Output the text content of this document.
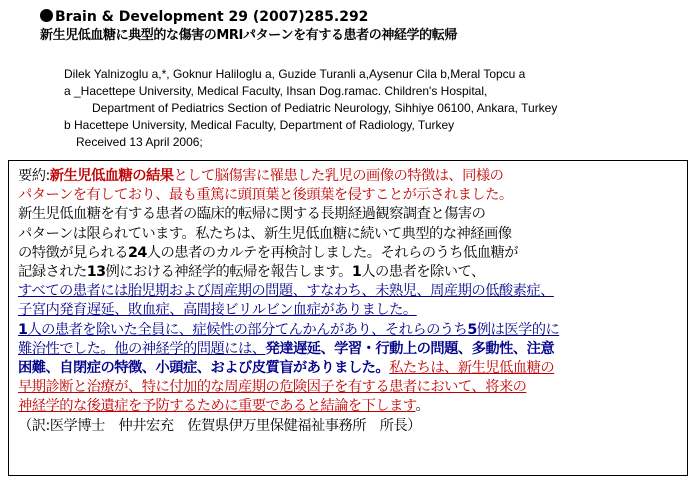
Brain & Development 29 (2007)285.292
新生児低血糖に典型的な傷害のMRIパターンを有する患者の神経学的転帰
Dilek Yalnizoglu a,*, Goknur Haliloglu a, Guzide Turanli a,Aysenur Cila b,Meral Topcu a
a _Hacettepe University, Medical Faculty, Ihsan Dog.ramac. Children's Hospital,
Department of Pediatrics Section of Pediatric Neurology, Sihhiye 06100, Ankara, Turkey
b Hacettepe University, Medical Faculty, Department of Radiology, Turkey
Received 13 April 2006;
要約:新生児低血糖の結果として脳傷害に罹患した乳児の画像の特徴は、同様の
パターンを有しており、最も重篤に頭頂葉と後頭葉を侵すことが示されました。
新生児低血糖を有する患者の臨床的転帰に関する長期経過観察調査と傷害の
パターンは限られています。私たちは、新生児低血糖に続いて典型的な神経画像
の特徴が見られる24人の患者のカルテを再検討しました。それらのうち低血糖が
記録された13例における神経学的転帰を報告します。1人の患者を除いて、
すべての患者には胎児期および周産期の問題、すなわち、未熟児、周産期の低酸素症、
子宮内発育遅延、敗血症、高間接ビリルビン血症がありました。
1人の患者を除いた全員に、症候性の部分てんかんがあり、それらのうち5例は医学的に
難治性でした。他の神経学的問題には、発達遅延、学習・行動上の問題、多動性、注意
困難、自閉症の特徴、小頭症、および皮質盲がありました。私たちは、新生児低血糖の
早期診断と治療が、特に付加的な周産期の危険因子を有する患者において、将来の
神経学的な後遺症を予防するために重要であると結論を下します。
（訳:医学博士　仲井宏充　佐賀県伊万里保健福祉事務所　所長）
